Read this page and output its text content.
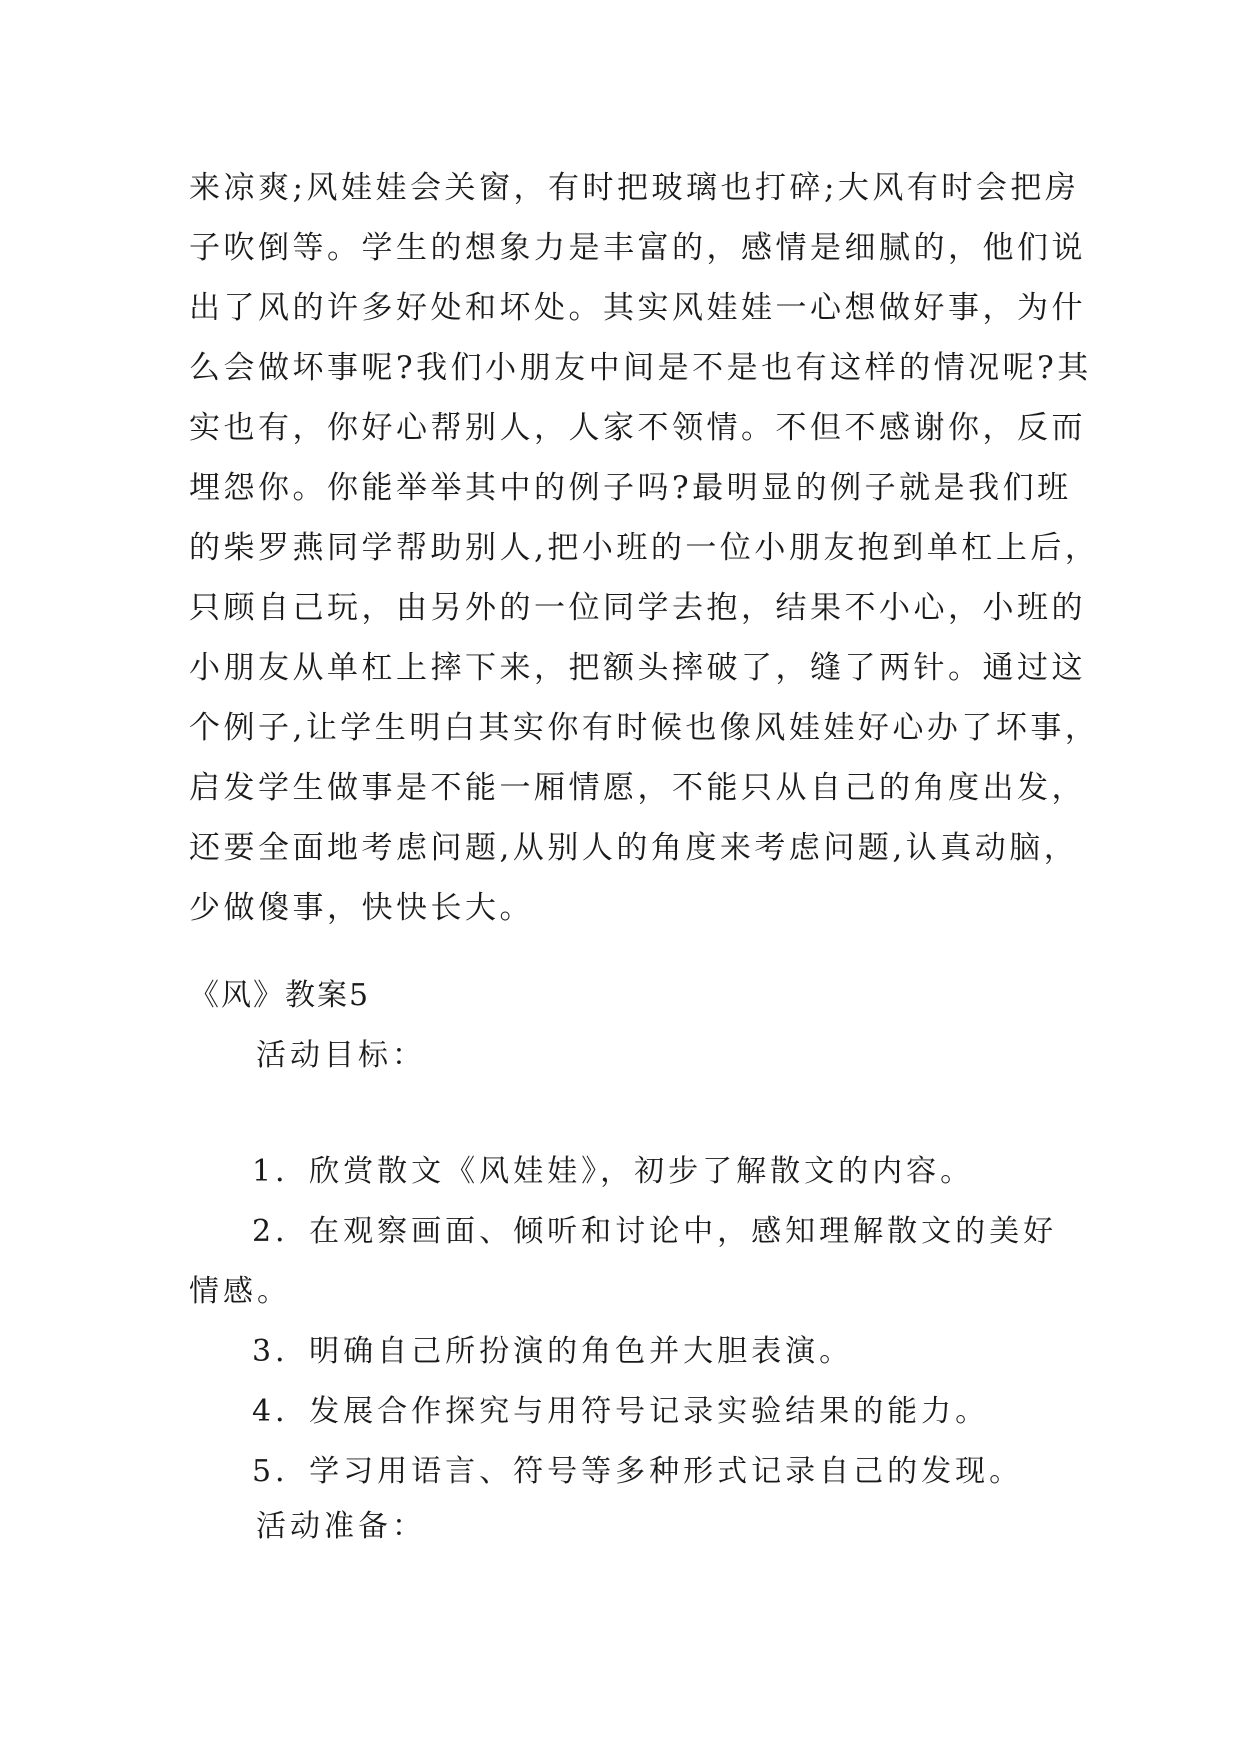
来凉爽;风娃娃会关窗，有时把玻璃也打碎;大风有时会把房
子吹倒等。学生的想象力是丰富的，感情是细腻的，他们说
出了风的许多好处和坏处。其实风娃娃一心想做好事，为什
么会做坏事呢?我们小朋友中间是不是也有这样的情况呢?其
实也有，你好心帮别人，人家不领情。不但不感谢你，反而
埋怨你。你能举举其中的例子吗?最明显的例子就是我们班
的柴罗燕同学帮助别人,把小班的一位小朋友抱到单杠上后，
只顾自己玩，由另外的一位同学去抱，结果不小心，小班的
小朋友从单杠上摔下来，把额头摔破了，缝了两针。通过这
个例子,让学生明白其实你有时候也像风娃娃好心办了坏事，
启发学生做事是不能一厢情愿，不能只从自己的角度出发，
还要全面地考虑问题,从别人的角度来考虑问题,认真动脑，
少做傻事，快快长大。
《风》教案5
活动目标：
1．欣赏散文《风娃娃》，初步了解散文的内容。
2．在观察画面、倾听和讨论中，感知理解散文的美好
情感。
3．明确自己所扮演的角色并大胆表演。
4．发展合作探究与用符号记录实验结果的能力。
5．学习用语言、符号等多种形式记录自己的发现。
活动准备：
